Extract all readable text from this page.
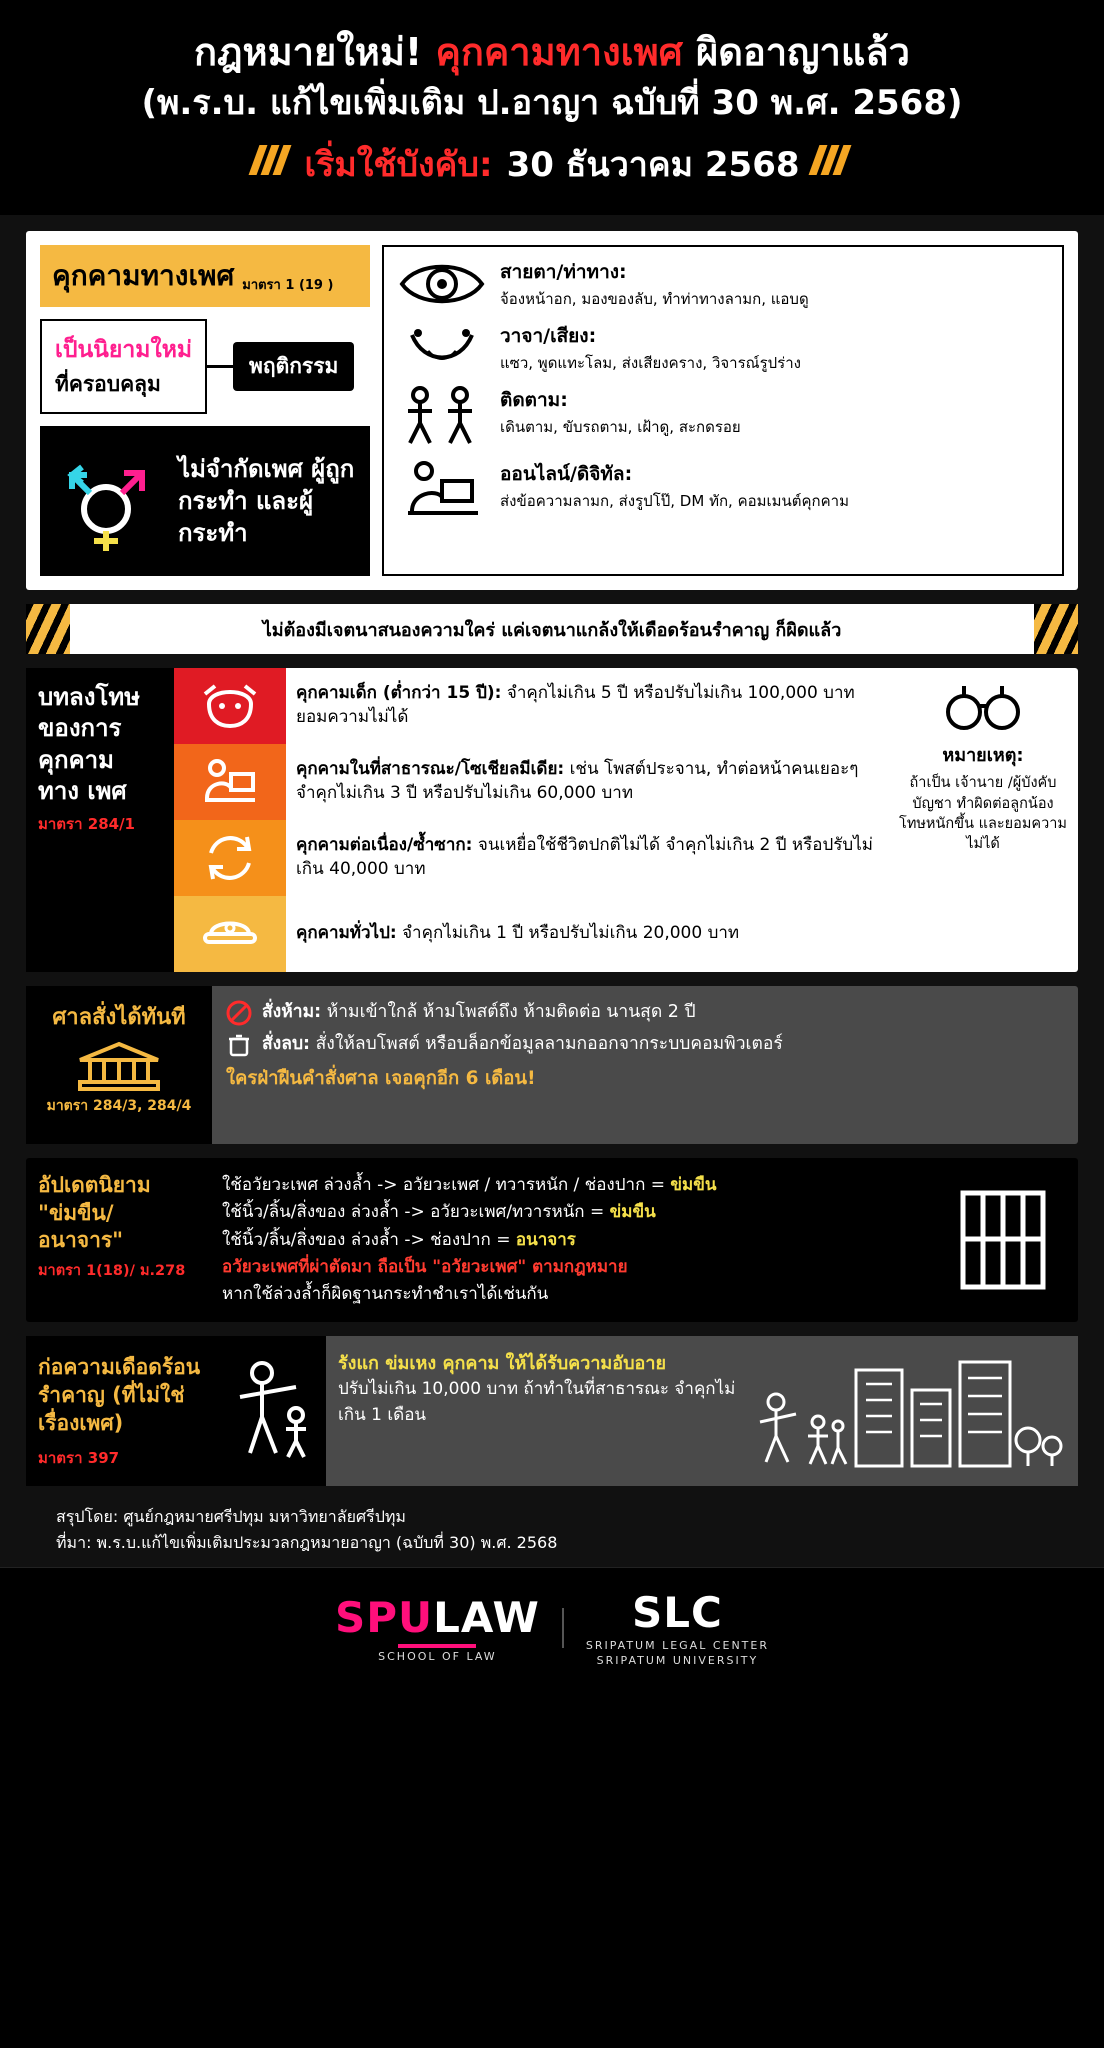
กฎหมายใหม่! คุกคามทางเพศ ผิดอาญาแล้ว
(พ.ร.บ. แก้ไขเพิ่มเติม ป.อาญา ฉบับที่ 30 พ.ศ. 2568)
เริ่มใช้บังคับ: 30 ธันวาคม 2568
คุกคามทางเพศ มาตรา 1 (19 )
เป็นนิยามใหม่
ที่ครอบคลุม
พฤติกรรม
ไม่จำกัดเพศ ผู้ถูกกระทำ และผู้กระทำ
สายตา/ท่าทาง:

จ้องหน้าอก, มองของลับ, ทำท่าทางลามก, แอบดู

วาจา/เสียง:

แซว, พูดแทะโลม, ส่งเสียงคราง, วิจารณ์รูปร่าง

ติดตาม:

เดินตาม, ขับรถตาม, เฝ้าดู, สะกดรอย

ออนไลน์/ดิจิทัล:

ส่งข้อความลามก, ส่งรูปโป๊, DM ทัก, คอมเมนต์คุกคาม

ไม่ต้องมีเจตนาสนองความใคร่ แค่เจตนาแกล้งให้เดือดร้อนรำคาญ ก็ผิดแล้ว
บทลงโทษ ของการ คุกคาม ทาง เพศ
มาตรา 284/1
คุกคามเด็ก (ต่ำกว่า 15 ปี): จำคุกไม่เกิน 5 ปี หรือปรับไม่เกิน 100,000 บาท ยอมความไม่ได้
คุกคามในที่สาธารณะ/โซเชียลมีเดีย: เช่น โพสต์ประจาน, ทำต่อหน้าคนเยอะๆ จำคุกไม่เกิน 3 ปี หรือปรับไม่เกิน 60,000 บาท
คุกคามต่อเนื่อง/ซ้ำซาก: จนเหยื่อใช้ชีวิตปกติไม่ได้ จำคุกไม่เกิน 2 ปี หรือปรับไม่เกิน 40,000 บาท
คุกคามทั่วไป: จำคุกไม่เกิน 1 ปี หรือปรับไม่เกิน 20,000 บาท
หมายเหตุ:

ถ้าเป็น เจ้านาย /ผู้บังคับบัญชา ทำผิดต่อลูกน้อง โทษหนักขึ้น และยอมความไม่ได้

ศาลสั่งได้ทันที
มาตรา 284/3, 284/4
สั่งห้าม: ห้ามเข้าใกล้ ห้ามโพสต์ถึง ห้ามติดต่อ นานสุด 2 ปี
สั่งลบ: สั่งให้ลบโพสต์ หรือบล็อกข้อมูลลามกออกจากระบบคอมพิวเตอร์
ใครฝ่าฝืนคำสั่งศาล เจอคุกอีก 6 เดือน!
อัปเดตนิยาม "ข่มขืน/ อนาจาร"
มาตรา 1(18)/ ม.278
ใช้อวัยวะเพศ ล่วงล้ำ -> อวัยวะเพศ / ทวารหนัก / ช่องปาก = ข่มขืน
ใช้นิ้ว/ลิ้น/สิ่งของ ล่วงล้ำ -> อวัยวะเพศ/ทวารหนัก = ข่มขืน
ใช้นิ้ว/ลิ้น/สิ่งของ ล่วงล้ำ -> ช่องปาก = อนาจาร
อวัยวะเพศที่ผ่าตัดมา ถือเป็น "อวัยวะเพศ" ตามกฎหมาย
หากใช้ล่วงล้ำก็ผิดฐานกระทำชำเราได้เช่นกัน
ก่อความเดือดร้อนรำคาญ (ที่ไม่ใช่เรื่องเพศ)
มาตรา 397
รังแก ข่มเหง คุกคาม ให้ได้รับความอับอาย
ปรับไม่เกิน 10,000 บาท ถ้าทำในที่สาธารณะ จำคุกไม่เกิน 1 เดือน
สรุปโดย: ศูนย์กฎหมายศรีปทุม มหาวิทยาลัยศรีปทุม
ที่มา: พ.ร.บ.แก้ไขเพิ่มเติมประมวลกฎหมายอาญา (ฉบับที่ 30) พ.ศ. 2568
SPULAW
SCHOOL OF LAW
SLC
SRIPATUM LEGAL CENTER
SRIPATUM UNIVERSITY
